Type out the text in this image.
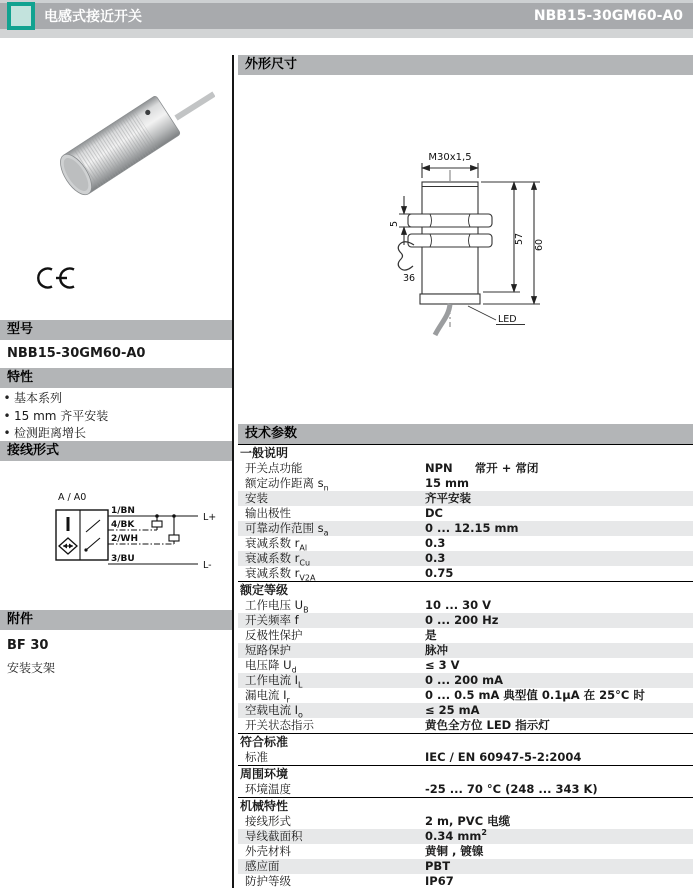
电感式接近开关	NBB15-30GM60-A0
型号
NBB15-30GM60-A0
特性
• 基本系列
• 15 mm 齐平安装
• 检测距离增长
接线形式
A / A0
1/BN
4/BK
2/WH
3/BU
L+
L-
附件
BF 30
安装支架
外形尺寸
M30x1,5
5
36
57 60
LED
技术参数
一般说明
开关点功能	NPN 常开 + 常闭
额定动作距离 $s_n$	15 mm
安装	齐平安装
输出极性	DC
可靠动作范围 $s_a$	0 ... 12.15 mm
衰减系数 $r_{Al}$	0.3
衰减系数 $r_{Cu}$	0.3
衰减系数 $r_{V2A}$	0.75
额定等级
工作电压 $U_B$	10 ... 30 V
开关频率 f	0 ... 200 Hz
反极性保护	是
短路保护	脉冲
电压降 $U_d$	≤ 3 V
工作电流 $I_L$	0 ... 200 mA
漏电流 $I_r$	0 ... 0.5 mA 典型值 0.1µA 在 25°C 时
空载电流 $I_o$	≤ 25 mA
开关状态指示	黄色全方位 LED 指示灯
符合标准
标准	IEC / EN 60947-5-2:2004
周围环境
环境温度	-25 ... 70 °C (248 ... 343 K)
机械特性
接线形式	2 m, PVC 电缆
导线截面积	0.34 $mm^2$
外壳材料	黄铜 , 镀镍
感应面	PBT
防护等级	IP67
